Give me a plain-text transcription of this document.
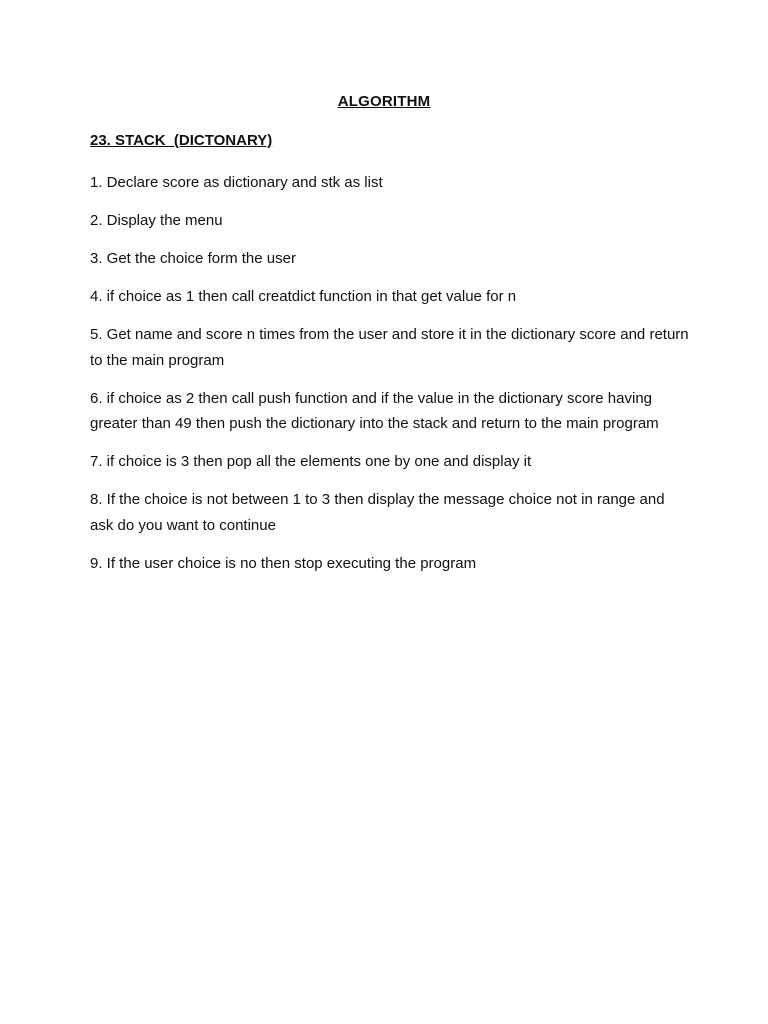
ALGORITHM
23. STACK  (DICTONARY)
1. Declare score as dictionary and stk as list
2. Display the menu
3. Get the choice form the user
4. if choice as 1 then call creatdict function in that get value for n
5. Get name and score n times from the user and store it in the dictionary score and return to the main program
6. if choice as 2 then call push function and if the value in the dictionary score having greater than 49 then push the dictionary into the stack and return to the main program
7. if choice is 3 then pop all the elements one by one and display it
8. If the choice is not between 1 to 3 then display the message choice not in range and ask do you want to continue
9. If the user choice is no then stop executing the program
